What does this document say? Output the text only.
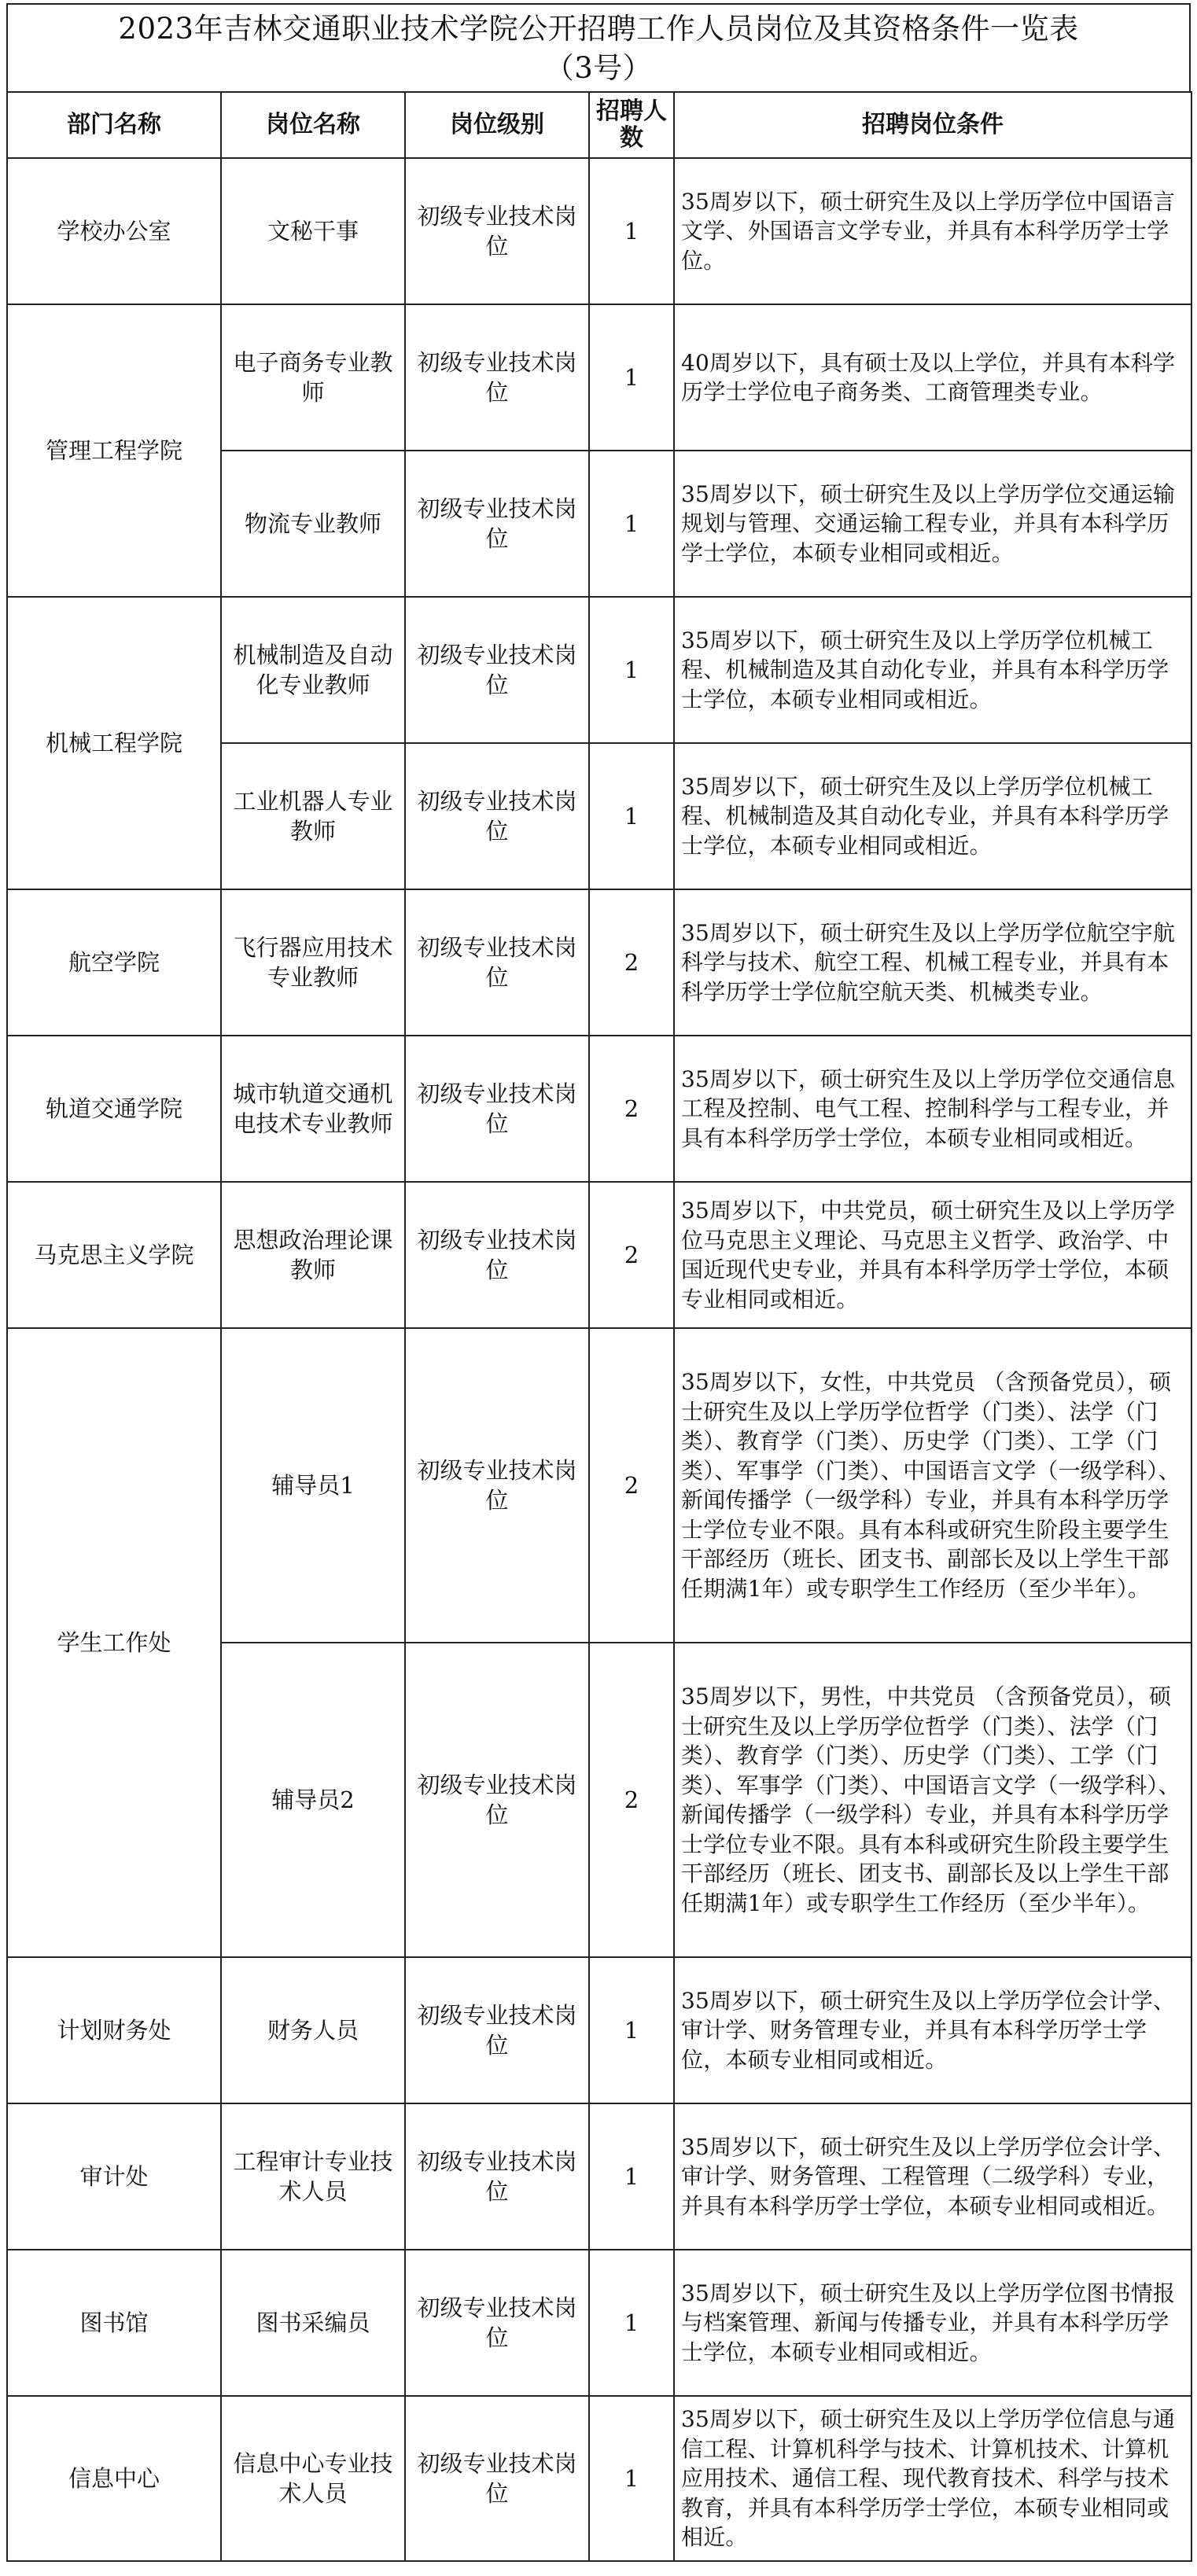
2023年吉林交通职业技术学院公开招聘工作人员岗位及其资格条件一览表
（3号）
部门名称	岗位名称	岗位级别	招聘人数	招聘岗位条件
学校办公室	文秘干事	初级专业技术岗位	1	35周岁以下，硕士研究生及以上学历学位中国语言文学、外国语言文学专业，并具有本科学历学士学位。
管理工程学院	电子商务专业教师	初级专业技术岗位	1	40周岁以下，具有硕士及以上学位，并具有本科学历学士学位电子商务类、工商管理类专业。
	物流专业教师	初级专业技术岗位	1	35周岁以下，硕士研究生及以上学历学位交通运输规划与管理、交通运输工程专业，并具有本科学历学士学位，本硕专业相同或相近。
机械工程学院	机械制造及自动化专业教师	初级专业技术岗位	1	35周岁以下，硕士研究生及以上学历学位机械工程、机械制造及其自动化专业，并具有本科学历学士学位，本硕专业相同或相近。
	工业机器人专业教师	初级专业技术岗位	1	35周岁以下，硕士研究生及以上学历学位机械工程、机械制造及其自动化专业，并具有本科学历学士学位，本硕专业相同或相近。
航空学院	飞行器应用技术专业教师	初级专业技术岗位	2	35周岁以下，硕士研究生及以上学历学位航空宇航科学与技术、航空工程、机械工程专业，并具有本科学历学士学位航空航天类、机械类专业。
轨道交通学院	城市轨道交通机电技术专业教师	初级专业技术岗位	2	35周岁以下，硕士研究生及以上学历学位交通信息工程及控制、电气工程、控制科学与工程专业，并具有本科学历学士学位，本硕专业相同或相近。
马克思主义学院	思想政治理论课教师	初级专业技术岗位	2	35周岁以下，中共党员，硕士研究生及以上学历学位马克思主义理论、马克思主义哲学、政治学、中国近现代史专业，并具有本科学历学士学位，本硕专业相同或相近。
学生工作处	辅导员1	初级专业技术岗位	2	35周岁以下，女性，中共党员 （含预备党员），硕士研究生及以上学历学位哲学（门类）、法学（门类）、教育学（门类）、历史学（门类）、工学（门类）、军事学（门类）、中国语言文学（一级学科）、新闻传播学（一级学科）专业，并具有本科学历学士学位专业不限。具有本科或研究生阶段主要学生干部经历（班长、团支书、副部长及以上学生干部任期满1年）或专职学生工作经历（至少半年）。
	辅导员2	初级专业技术岗位	2	35周岁以下，男性，中共党员 （含预备党员），硕士研究生及以上学历学位哲学（门类）、法学（门类）、教育学（门类）、历史学（门类）、工学（门类）、军事学（门类）、中国语言文学（一级学科）、新闻传播学（一级学科）专业，并具有本科学历学士学位专业不限。具有本科或研究生阶段主要学生干部经历（班长、团支书、副部长及以上学生干部任期满1年）或专职学生工作经历（至少半年）。
计划财务处	财务人员	初级专业技术岗位	1	35周岁以下，硕士研究生及以上学历学位会计学、审计学、财务管理专业，并具有本科学历学士学位，本硕专业相同或相近。
审计处	工程审计专业技术人员	初级专业技术岗位	1	35周岁以下，硕士研究生及以上学历学位会计学、审计学、财务管理、工程管理（二级学科）专业，并具有本科学历学士学位，本硕专业相同或相近。
图书馆	图书采编员	初级专业技术岗位	1	35周岁以下，硕士研究生及以上学历学位图书情报与档案管理、新闻与传播专业，并具有本科学历学士学位，本硕专业相同或相近。
信息中心	信息中心专业技术人员	初级专业技术岗位	1	35周岁以下，硕士研究生及以上学历学位信息与通信工程、计算机科学与技术、计算机技术、计算机应用技术、通信工程、现代教育技术、科学与技术教育，并具有本科学历学士学位，本硕专业相同或相近。
